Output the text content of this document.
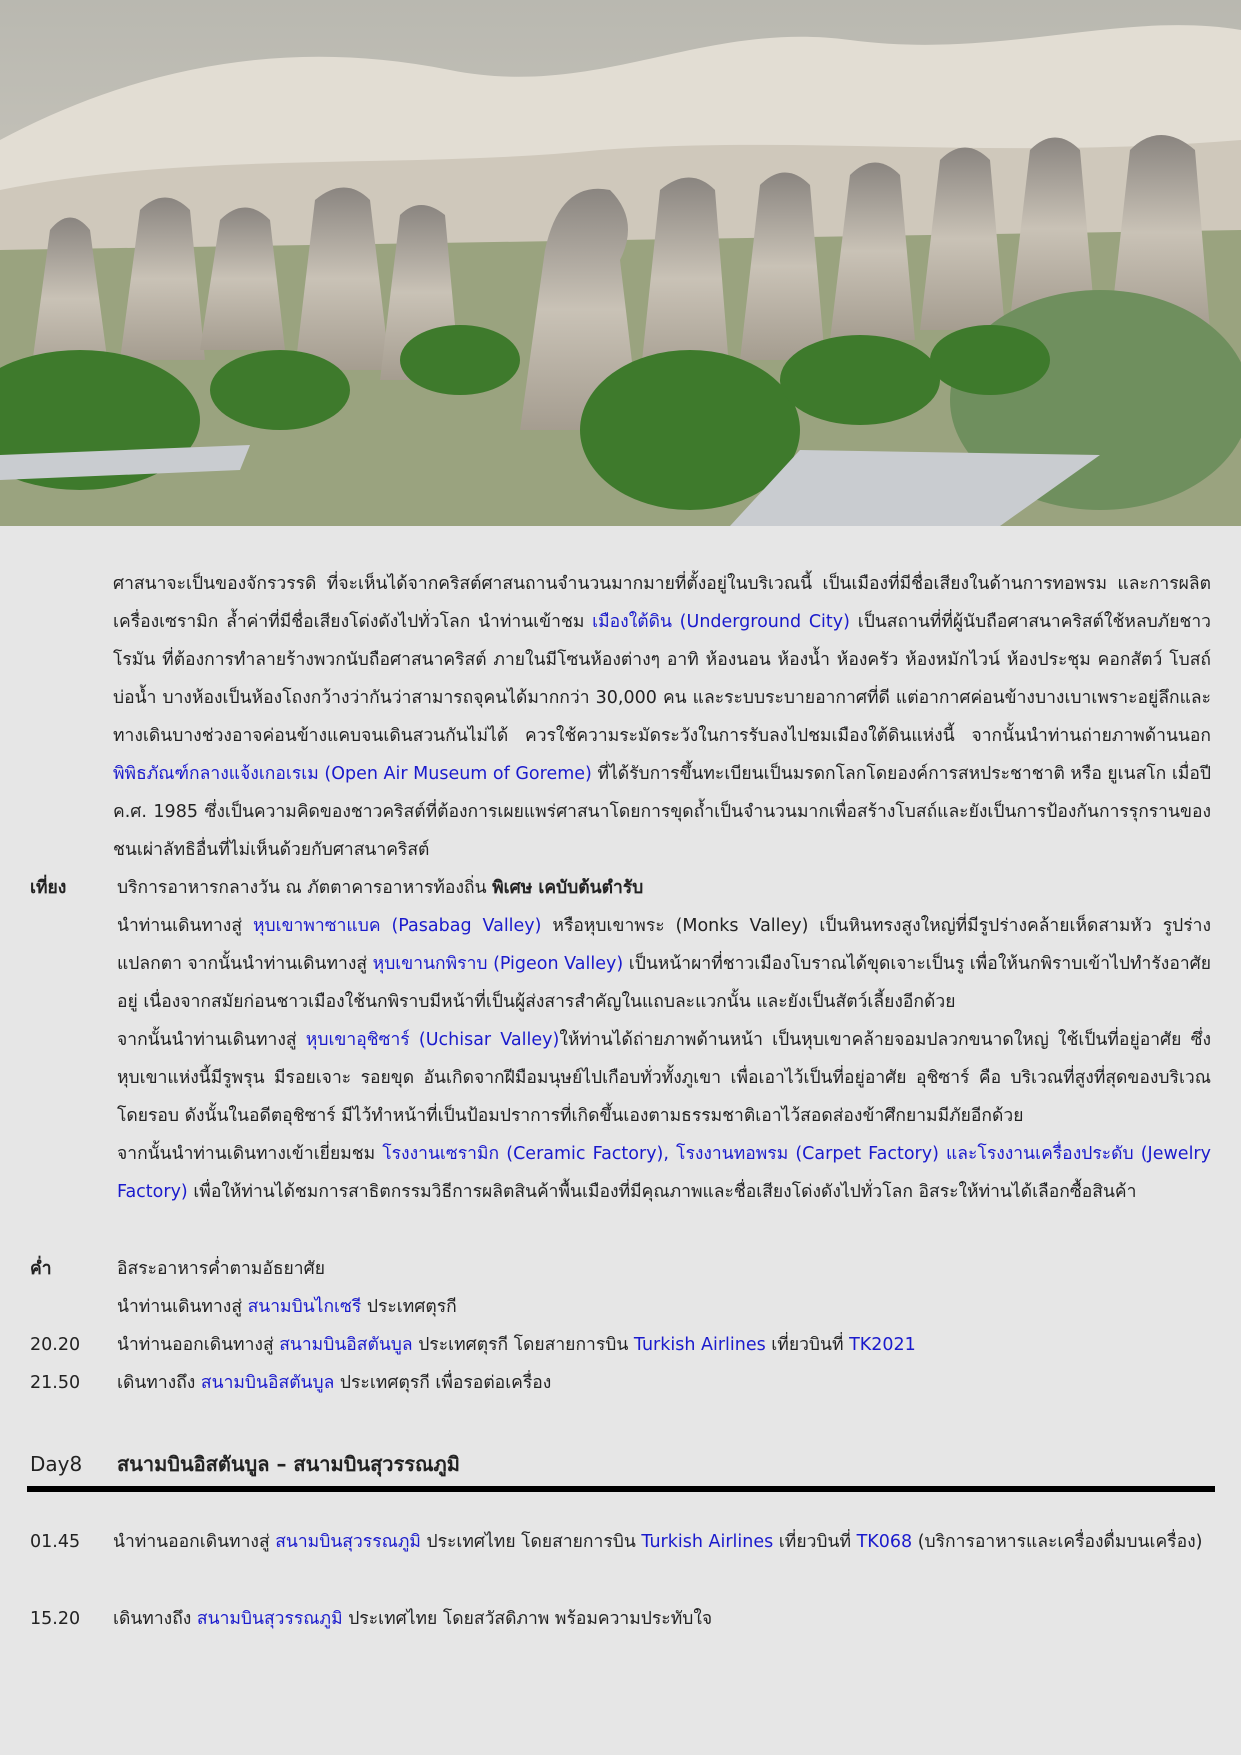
ศาสนาจะเป็นของจักรวรรดิ ที่จะเห็นได้จากคริสต์ศาสนถานจำนวนมากมายที่ตั้งอยู่ในบริเวณนี้ เป็นเมืองที่มีชื่อเสียงในด้านการทอพรม และการผลิตเครื่องเซรามิก ล้ำค่าที่มีชื่อเสียงโด่งดังไปทั่วโลก นำท่านเข้าชม เมืองใต้ดิน (Underground City) เป็นสถานที่ที่ผู้นับถือศาสนาคริสต์ใช้หลบภัยชาวโรมัน ที่ต้องการทำลายร้างพวกนับถือศาสนาคริสต์ ภายในมีโซนห้องต่างๆ อาทิ ห้องนอน ห้องน้ำ ห้องครัว ห้องหมักไวน์ ห้องประชุม คอกสัตว์ โบสถ์ บ่อน้ำ บางห้องเป็นห้องโถงกว้างว่ากันว่าสามารถจุคนได้มากกว่า 30,000 คน และระบบระบายอากาศที่ดี แต่อากาศค่อนข้างบางเบาเพราะอยู่ลึกและทางเดินบางช่วงอาจค่อนข้างแคบจนเดินสวนกันไม่ได้ ควรใช้ความระมัดระวังในการรับลงไปชมเมืองใต้ดินแห่งนี้ จากนั้นนำท่านถ่ายภาพด้านนอก พิพิธภัณฑ์กลางแจ้งเกอเรเม (Open Air Museum of Goreme) ที่ได้รับการขึ้นทะเบียนเป็นมรดกโลกโดยองค์การสหประชาชาติ หรือ ยูเนสโก เมื่อปี ค.ศ. 1985 ซึ่งเป็นความคิดของชาวคริสต์ที่ต้องการเผยแพร่ศาสนาโดยการขุดถ้ำเป็นจำนวนมากเพื่อสร้างโบสถ์และยังเป็นการป้องกันการรุกรานของชนเผ่าลัทธิอื่นที่ไม่เห็นด้วยกับศาสนาคริสต์
เที่ยง	บริการอาหารกลางวัน ณ ภัตตาคารอาหารท้องถิ่น พิเศษ เคบับต้นตำรับ
นำท่านเดินทางสู่ หุบเขาพาซาแบค (Pasabag Valley) หรือหุบเขาพระ (Monks Valley) เป็นหินทรงสูงใหญ่ที่มีรูปร่างคล้ายเห็ดสามหัว รูปร่างแปลกตา จากนั้นนำท่านเดินทางสู่ หุบเขานกพิราบ (Pigeon Valley) เป็นหน้าผาที่ชาวเมืองโบราณได้ขุดเจาะเป็นรู เพื่อให้นกพิราบเข้าไปทำรังอาศัยอยู่ เนื่องจากสมัยก่อนชาวเมืองใช้นกพิราบมีหน้าที่เป็นผู้ส่งสารสำคัญในแถบละแวกนั้น และยังเป็นสัตว์เลี้ยงอีกด้วย
จากนั้นนำท่านเดินทางสู่ หุบเขาอุชิซาร์ (Uchisar Valley)ให้ท่านได้ถ่ายภาพด้านหน้า เป็นหุบเขาคล้ายจอมปลวกขนาดใหญ่ ใช้เป็นที่อยู่อาศัย ซึ่งหุบเขาแห่งนี้มีรูพรุน มีรอยเจาะ รอยขุด อันเกิดจากฝีมือมนุษย์ไปเกือบทั่วทั้งภูเขา เพื่อเอาไว้เป็นที่อยู่อาศัย อุชิซาร์ คือ บริเวณที่สูงที่สุดของบริเวณโดยรอบ ดังนั้นในอดีตอุชิซาร์ มีไว้ทำหน้าที่เป็นป้อมปราการที่เกิดขึ้นเองตามธรรมชาติเอาไว้สอดส่องข้าศึกยามมีภัยอีกด้วย
จากนั้นนำท่านเดินทางเข้าเยี่ยมชม โรงงานเซรามิก (Ceramic Factory), โรงงานทอพรม (Carpet Factory) และโรงงานเครื่องประดับ (Jewelry Factory) เพื่อให้ท่านได้ชมการสาธิตกรรมวิธีการผลิตสินค้าพื้นเมืองที่มีคุณภาพและชื่อเสียงโด่งดังไปทั่วโลก อิสระให้ท่านได้เลือกซื้อสินค้า
ค่ำ	อิสระอาหารค่ำตามอัธยาศัย
นำท่านเดินทางสู่ สนามบินไกเซรี ประเทศตุรกี
20.20	นำท่านออกเดินทางสู่ สนามบินอิสตันบูล ประเทศตุรกี โดยสายการบิน Turkish Airlines เที่ยวบินที่ TK2021
21.50	เดินทางถึง สนามบินอิสตันบูล ประเทศตุรกี เพื่อรอต่อเครื่อง
Day8 สนามบินอิสตันบูล – สนามบินสุวรรณภูมิ
01.45	นำท่านออกเดินทางสู่ สนามบินสุวรรณภูมิ ประเทศไทย โดยสายการบิน Turkish Airlines เที่ยวบินที่ TK068 (บริการอาหารและเครื่องดื่มบนเครื่อง)
15.20	เดินทางถึง สนามบินสุวรรณภูมิ ประเทศไทย โดยสวัสดิภาพ พร้อมความประทับใจ
